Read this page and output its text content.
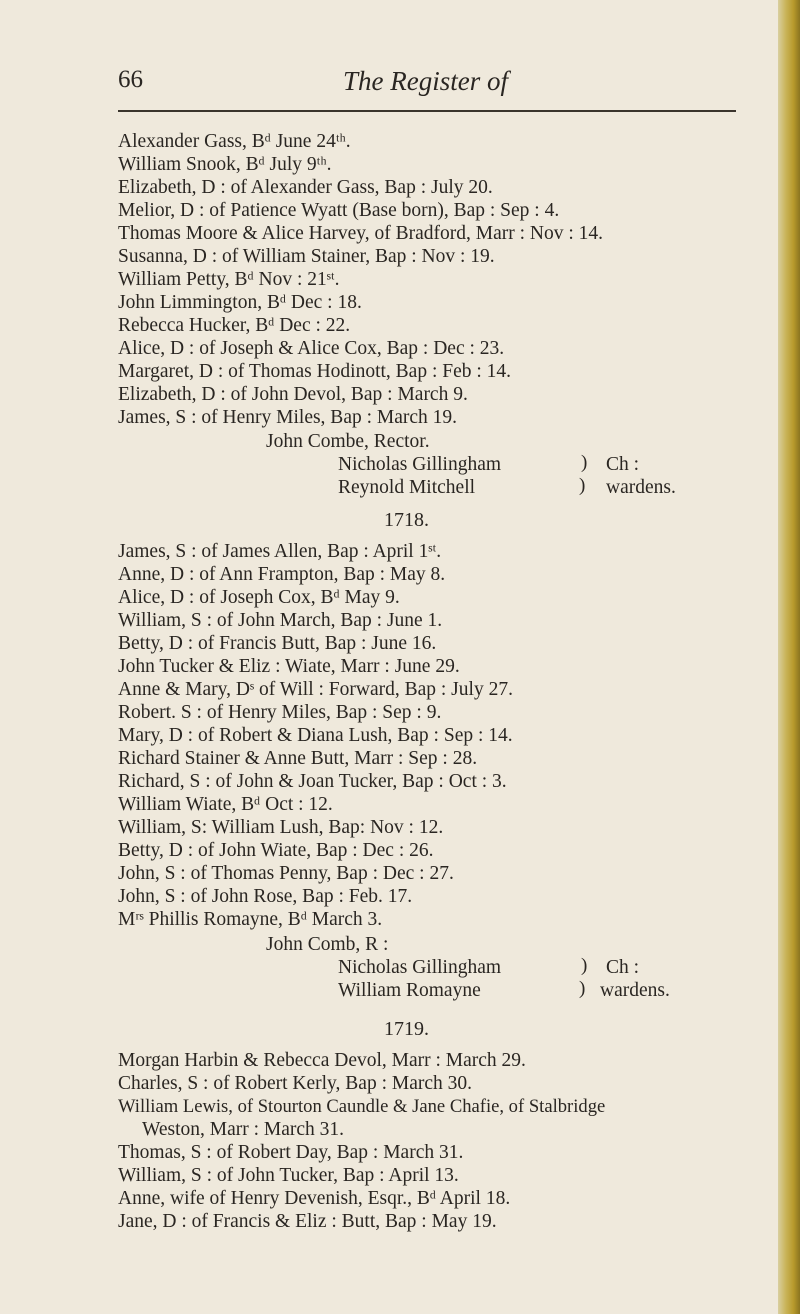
66	The Register of
Alexander Gass, Bᵈ June 24ᵗʰ.
William Snook, Bᵈ July 9ᵗʰ.
Elizabeth, D : of Alexander Gass, Bap : July 20.
Melior, D : of Patience Wyatt (Base born), Bap : Sep : 4.
Thomas Moore & Alice Harvey, of Bradford, Marr : Nov : 14.
Susanna, D : of William Stainer, Bap : Nov : 19.
William Petty, Bᵈ Nov : 21ˢᵗ.
John Limmington, Bᵈ Dec : 18.
Rebecca Hucker, Bᵈ Dec : 22.
Alice, D : of Joseph & Alice Cox, Bap : Dec : 23.
Margaret, D : of Thomas Hodinott, Bap : Feb : 14.
Elizabeth, D : of John Devol, Bap : March 9.
James, S : of Henry Miles, Bap : March 19.
John Combe, Rector.
Nicholas Gillingham
Reynold Mitchell
)
)
Ch :
wardens.
1718.
James, S : of James Allen, Bap : April 1ˢᵗ.
Anne, D : of Ann Frampton, Bap : May 8.
Alice, D : of Joseph Cox, Bᵈ May 9.
William, S : of John March, Bap : June 1.
Betty, D : of Francis Butt, Bap : June 16.
John Tucker & Eliz : Wiate, Marr : June 29.
Anne & Mary, Dˢ of Will : Forward, Bap : July 27.
Robert. S : of Henry Miles, Bap : Sep : 9.
Mary, D : of Robert & Diana Lush, Bap : Sep : 14.
Richard Stainer & Anne Butt, Marr : Sep : 28.
Richard, S : of John & Joan Tucker, Bap : Oct : 3.
William Wiate, Bᵈ Oct : 12.
William, S: William Lush, Bap: Nov : 12.
Betty, D : of John Wiate, Bap : Dec : 26.
John, S : of Thomas Penny, Bap : Dec : 27.
John, S : of John Rose, Bap : Feb. 17.
Mʳˢ Phillis Romayne, Bᵈ March 3.
John Comb, R :
Nicholas Gillingham
William Romayne
)
)
Ch :
wardens.
1719.
Morgan Harbin & Rebecca Devol, Marr : March 29.
Charles, S : of Robert Kerly, Bap : March 30.
William Lewis, of Stourton Caundle & Jane Chafie, of Stalbridge
Weston, Marr : March 31.
Thomas, S : of Robert Day, Bap : March 31.
William, S : of John Tucker, Bap : April 13.
Anne, wife of Henry Devenish, Esqr., Bᵈ April 18.
Jane, D : of Francis & Eliz : Butt, Bap : May 19.
